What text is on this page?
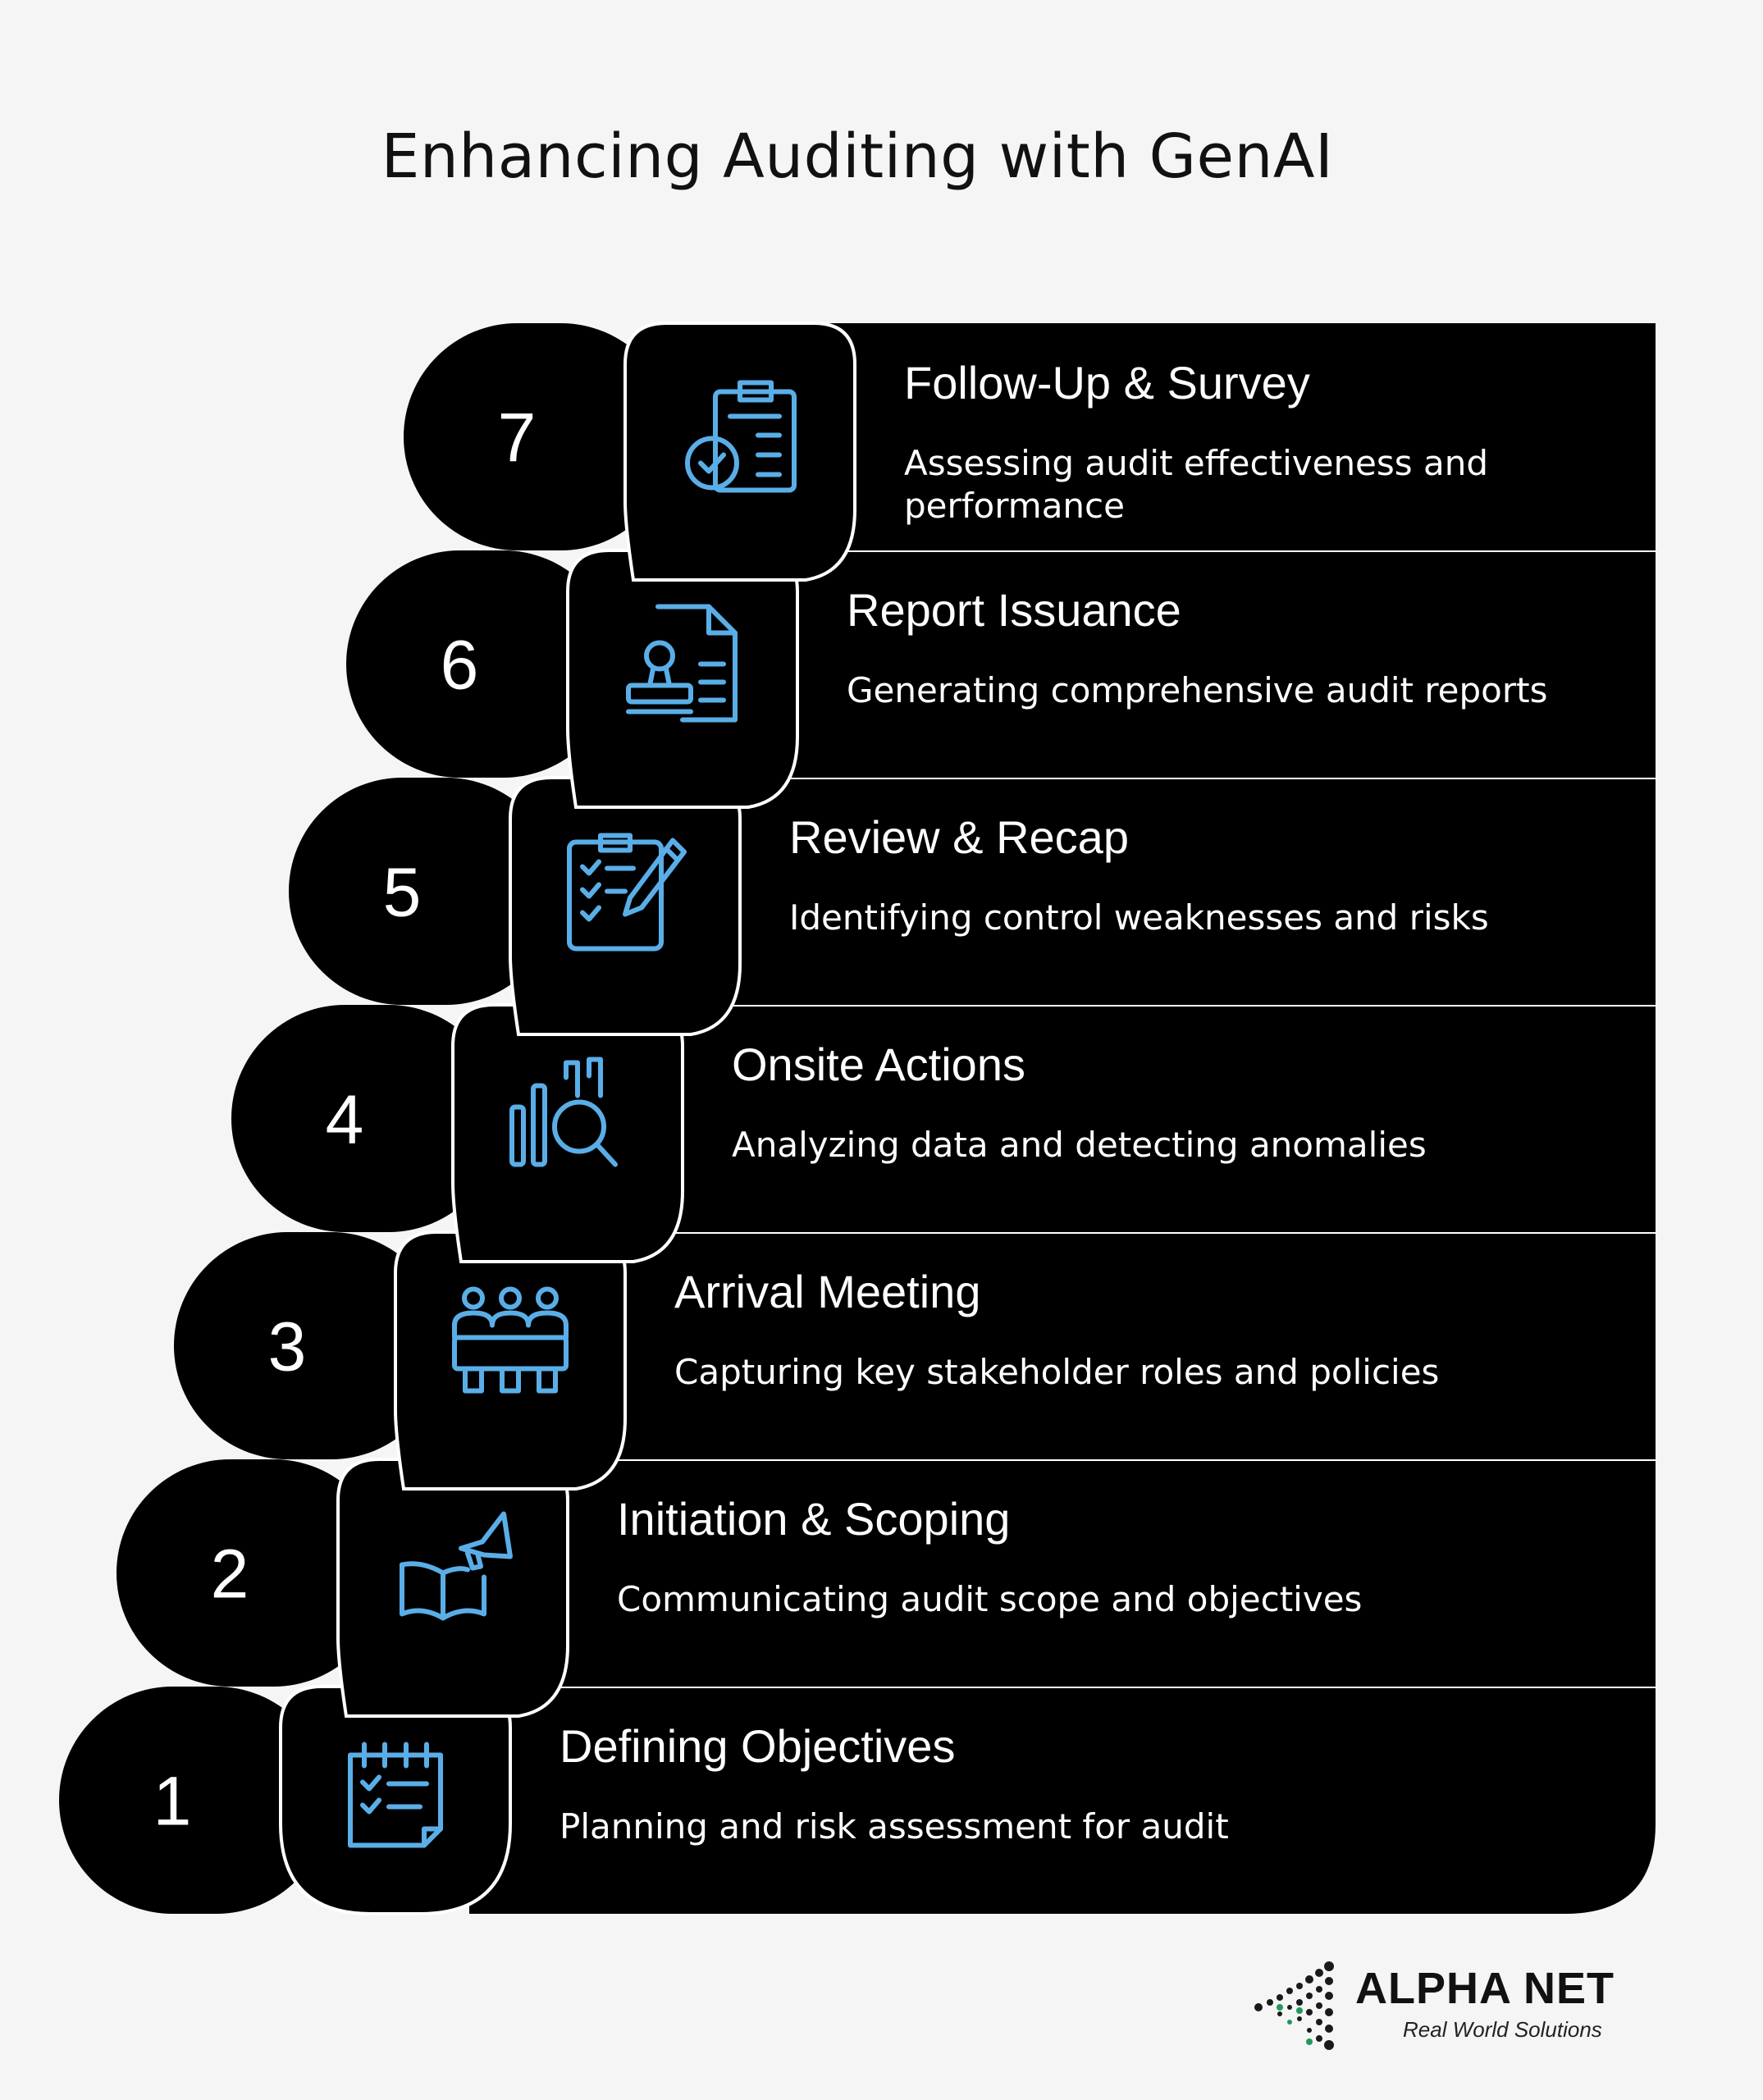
Enhancing Auditing with GenAI
1
Defining Objectives
Planning and risk assessment for audit
2
Initiation & Scoping
Communicating audit scope and objectives
3
Arrival Meeting
Capturing key stakeholder roles and policies
4
Onsite Actions
Analyzing data and detecting anomalies
5
Review & Recap
Identifying control weaknesses and risks
6
Report Issuance
Generating comprehensive audit reports
7
Follow-Up & Survey
Assessing audit effectiveness and
performance
ALPHA NET
Real World Solutions
